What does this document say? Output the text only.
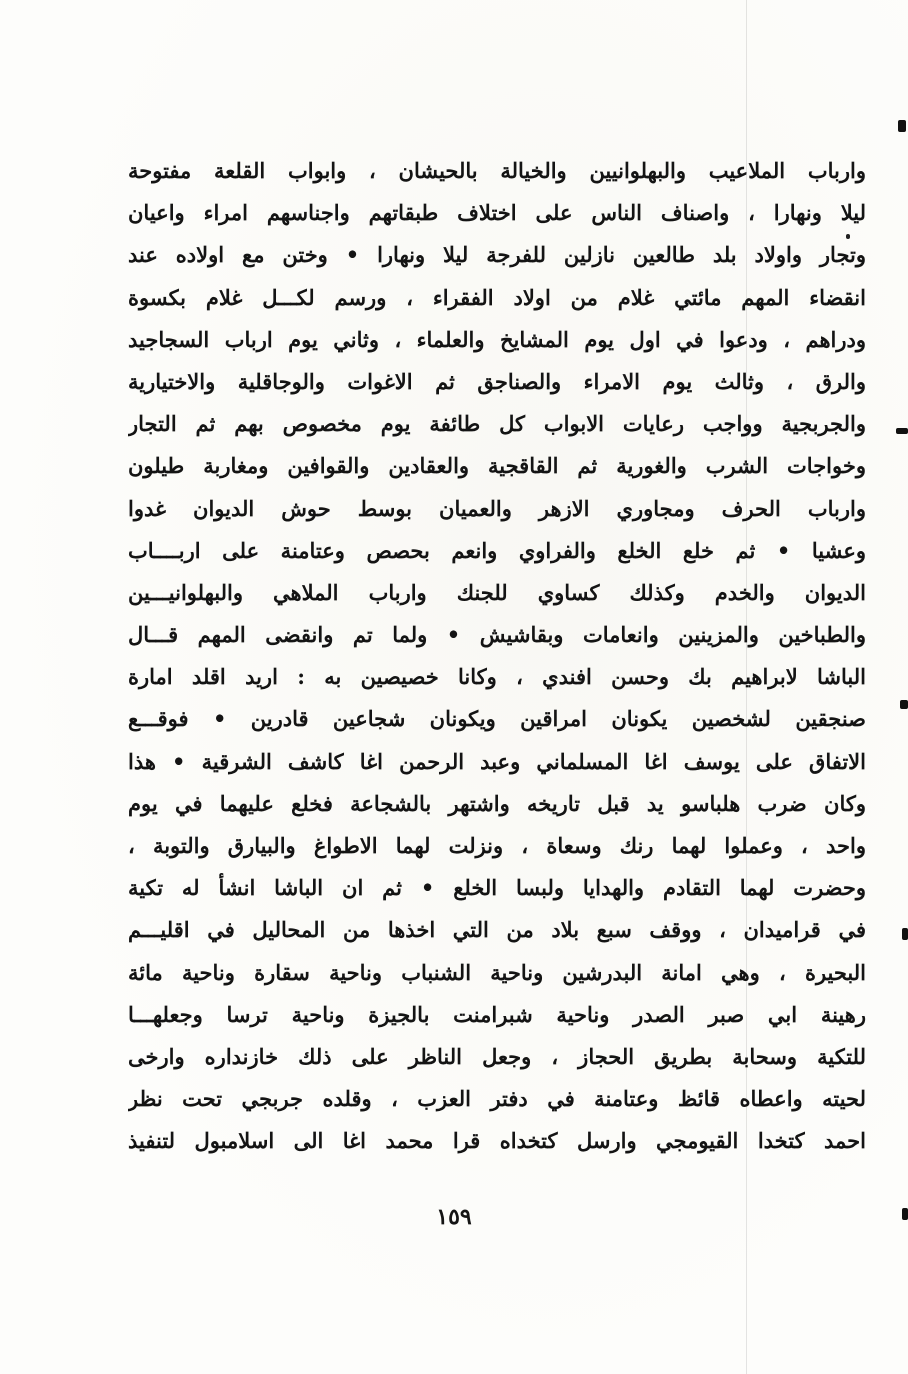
وارباب الملاعيب والبهلوانيين والخيالة بالحيشان ، وابواب القلعة مفتوحة
ليلا ونهارا ، واصناف الناس على اختلاف طبقاتهم واجناسهم امراء واعيان
وتجار واولاد بلد طالعين نازلين للفرجة ليلا ونهارا • وختن مع اولاده عند
انقضاء المهم مائتي غلام من اولاد الفقراء ، ورسم لكـــل غلام بكسوة
ودراهم ، ودعوا في اول يوم المشايخ والعلماء ، وثاني يوم ارباب السجاجيد
والرق ، وثالث يوم الامراء والصناجق ثم الاغوات والوجاقلية والاختيارية
والجربجية وواجب رعايات الابواب كل طائفة يوم مخصوص بهم ثم التجار
وخواجات الشرب والغورية ثم القاقجية والعقادين والقوافين ومغاربة طيلون
وارباب الحرف ومجاوري الازهر والعميان بوسط حوش الديوان غدوا
وعشيا • ثم خلع الخلع والفراوي وانعم بحصص وعتامنة على اربــــاب
الديوان والخدم وكذلك كساوي للجنك وارباب الملاهي والبهلوانيـــين
والطباخين والمزينين وانعامات وبقاشيش • ولما تم وانقضى المهم قـــال
الباشا لابراهيم بك وحسن افندي ، وكانا خصيصين به : اريد اقلد امارة
صنجقين لشخصين يكونان امراقين ويكونان شجاعين قادرين • فوقـــع
الاتفاق على يوسف اغا المسلماني وعبد الرحمن اغا كاشف الشرقية • هذا
وكان ضرب هلباسو يد قبل تاريخه واشتهر بالشجاعة فخلع عليهما في يوم
واحد ، وعملوا لهما رنك وسعاة ، ونزلت لهما الاطواغ والبيارق والتوبة ،
وحضرت لهما التقادم والهدايا ولبسا الخلع • ثم ان الباشا انشأ له تكية
في قراميدان ، ووقف سبع بلاد من التي اخذها من المحاليل في اقليـــم
البحيرة ، وهي امانة البدرشين وناحية الشنباب وناحية سقارة وناحية مائة
رهينة ابي صبر الصدر وناحية شبرامنت بالجيزة وناحية ترسا وجعلهـــا
للتكية وسحابة بطريق الحجاز ، وجعل الناظر على ذلك خازنداره وارخى
لحيته واعطاه قائظ وعتامنة في دفتر العزب ، وقلده جربجي تحت نظر
احمد كتخدا القيومجي وارسل كتخداه قرا محمد اغا الى اسلامبول لتنفيذ
١٥٩
